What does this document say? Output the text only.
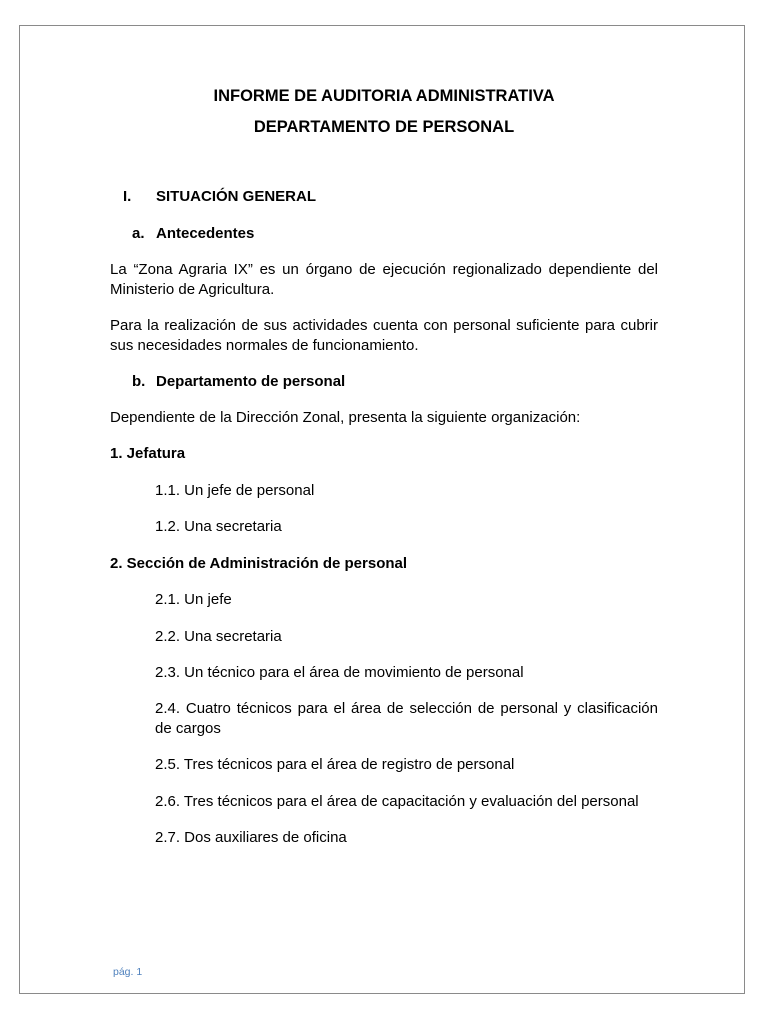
INFORME DE AUDITORIA ADMINISTRATIVA
DEPARTAMENTO DE PERSONAL
I. SITUACIÓN GENERAL
a. Antecedentes
La “Zona Agraria IX” es un órgano de ejecución regionalizado dependiente del Ministerio de Agricultura.
Para la realización de sus actividades cuenta con personal suficiente para cubrir sus necesidades normales de funcionamiento.
b. Departamento de personal
Dependiente de la Dirección Zonal, presenta la siguiente organización:
1. Jefatura
1.1. Un jefe de personal
1.2. Una secretaria
2. Sección de Administración de personal
2.1. Un jefe
2.2. Una secretaria
2.3. Un técnico para el área de movimiento de personal
2.4. Cuatro técnicos para el área de selección de personal y clasificación de cargos
2.5. Tres técnicos para el área de registro de personal
2.6. Tres técnicos para el área de capacitación y evaluación del personal
2.7. Dos auxiliares de oficina
pág. 1
